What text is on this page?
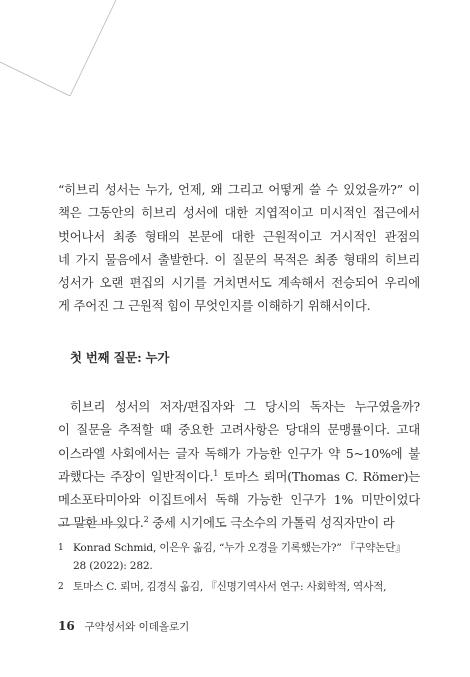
“히브리 성서는 누가, 언제, 왜 그리고 어떻게 쓸 수 있었을까?” 이
책은 그동안의 히브리 성서에 대한 지엽적이고 미시적인 접근에서
벗어나서 최종 형태의 본문에 대한 근원적이고 거시적인 관점의
네 가지 물음에서 출발한다. 이 질문의 목적은 최종 형태의 히브리
성서가 오랜 편집의 시기를 거치면서도 계속해서 전승되어 우리에
게 주어진 그 근원적 힘이 무엇인지를 이해하기 위해서이다.
첫 번째 질문: 누가
히브리 성서의 저자/편집자와 그 당시의 독자는 누구였을까?
이 질문을 추적할 때 중요한 고려사항은 당대의 문맹률이다. 고대
이스라엘 사회에서는 글자 독해가 가능한 인구가 약 5~10%에 불
과했다는 주장이 일반적이다.$^1$ 토마스 뢰머(Thomas C. Römer)는
메소포타미아와 이집트에서 독해 가능한 인구가 1% 미만이었다
고 말한 바 있다.$^2$ 중세 시기에도 극소수의 가톨릭 성직자만이 라
1 Konrad Schmid, 이은우 옮김, “누가 오경을 기록했는가?” 『구약논단』
28 (2022): 282.
2 토마스 C. 뢰머, 김경식 옮김, 『신명기역사서 연구: 사회학적, 역사적,
16 구약성서와 이데올로기
